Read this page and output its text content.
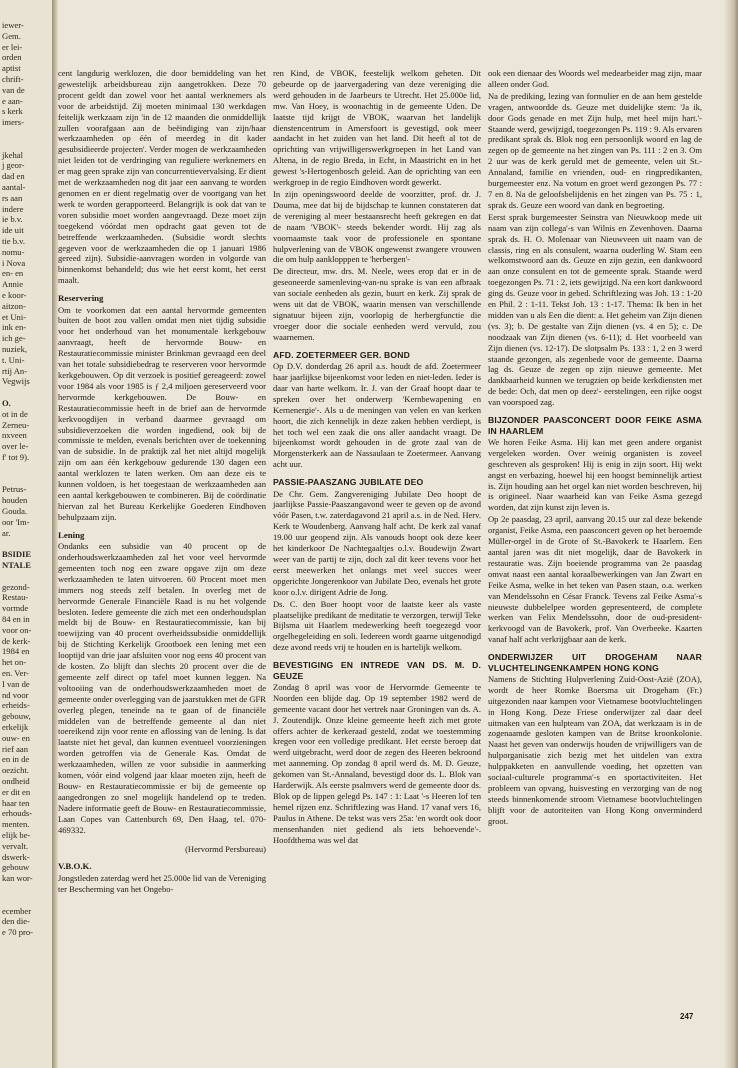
iewer-
Gem.
er lei-
orden
aptist
chrift-
van de
e aan-
s kerk
imers-
jkehal
j geor-
dad en
aantal-
rs aan
indere
ie b.v.
ide uit
tie b.v.
nomu-
i Nova
en- en
Annie
e koor-
aitzon-
et Uni-
ink en-
ich ge-
nuziek,
t. Uni-
rtij An-
Vegwijs
O.
ot in de
Zerneu-
nxveen
over le-
f' tot 9).
Petrus-
houden
Gouda.
oor 'Im-
ar.
BSIDIE
NTALE
gezond-
Restau-
vormde
84 en in
voor on-
de kerk-
1984 en
het on-
en. Ver-
I van de
nd voor
erheids-
gebouw,
erkelijk
ouw- en
rief aan
en in de
oezicht.
ondheid
er dit en
haar ten
erhouds-
menten.
elijk be-
vervalt.
dswerk-
gebouw
kan wor-
ecember
den die-
e 70 pro-

cent langdurig werklozen, die door bemiddeling van het gewestelijk arbeidsbureau zijn aangetrokken. Deze 70 procent geldt dan zowel voor het aantal werknemers als voor de arbeidstijd. Zij moeten minimaal 130 werkdagen feitelijk werkzaam zijn 'in de 12 maanden die onmiddellijk zullen voorafgaan aan de beëindiging van zijn/haar werkzaamheden op één of meerdeg in dit kader gesubsidieerde projecten'. Verder mogen de werkzaamheden niet leiden tot de verdringing van reguliere werknemers en er mag geen sprake zijn van concurrentievervalsing. Er dient met de werkzaamheden nog dit jaar een aanvang te worden genomen en er dient regelmatig over de voortgang van het werk te worden gerapporteerd. Belangrijk is ook dat van te voren subsidie moet worden aangevraagd. Deze moet zijn toegekend vóórdat men opdracht gaat geven tot de betreffende werkzaamheden. (Subsidie wordt slechts gegeven voor de werkzaamheden die op 1 januari 1986 gereed zijn). Subsidie-aanvragen worden in volgorde van binnenkomst behandeld; dus wie het eerst komt, het eerst maalt.

Reservering

Om te voorkomen dat een aantal hervormde gemeenten buiten de boot zou vallen omdat men niet tijdig subsidie voor het onderhoud van het monumentale kerkgebouw aanvraagt, heeft de hervormde Bouw- en Restauratiecommissie minister Brinkman gevraagd een deel van het totale subsidiebedrag te reserveren voor hervormde kerkgebouwen. Op dit verzoek is positief gereageerd: zowel voor 1984 als voor 1985 is ƒ 2,4 miljoen gereserveerd voor hervormde kerkgebouwen. De Bouw- en Restauratiecommissie heeft in de brief aan de hervormde kerkvoogdijen in verband daarmee gevraagd om subsidieverzoeken die worden ingediend, ook bij de commissie te melden, evenals berichten over de toekenning van de subsidie. In de praktijk zal het niet altijd mogelijk zijn om aan één kerkgebouw gedurende 130 dagen een aantal werklozen te laten werken. Om aan deze eis te kunnen voldoen, is het toegestaan de werkzaamheden aan een aantal kerkgebouwen te combineren. Bij de coördinatie hiervan zal het Bureau Kerkelijke Goederen Eindhoven behulpzaam zijn.

Lening

Ondanks een subsidie van 40 procent op de onderhoudswerkzaamheden zal het voor veel hervormde gemeenten toch nog een zware opgave zijn om deze werkzaamheden te laten uitvoeren. 60 Procent moet men immers nog steeds zelf betalen. In overleg met de hervormde Generale Financiële Raad is nu het volgende besloten. Iedere gemeente die zich met een onderhoudsplan meldt bij de Bouw- en Restauratiecommissie, kan bij toewijzing van 40 procent overheidssubsidie onmiddellijk bij de Stichting Kerkelijk Grootboek een lening met een looptijd van drie jaar afsluiten voor nog eens 40 procent van de kosten. Zo blijft dan slechts 20 procent over die de gemeente zelf direct op tafel moet kunnen leggen. Na voltooiing van de onderhoudswerkzaamheden moet de gemeente onder overlegging van de jaarstukken met de GFR overleg plegen, teneinde na te gaan of de financiële middelen van de betreffende gemeente al dan niet toereikend zijn voor rente en aflossing van de lening. Is dat laatste niet het geval, dan kunnen eventueel voorzieningen worden getroffen via de Generale Kas. Omdat de werkzaamheden, willen ze voor subsidie in aanmerking komen, vóór eind volgend jaar klaar moeten zijn, heeft de Bouw- en Restauratiecommissie er bij de gemeente op aangedrongen zo snel mogelijk handelend op te treden. Nadere informatie geeft de Bouw- en Restauratiecommissie, Laan Copes van Cattenburch 69, Den Haag, tel. 070-469332.

(Hervormd Persbureau)

V.B.O.K.

Jongstleden zaterdag werd het 25.000e lid van de Vereniging ter Bescherming van het Ongebo-

ren Kind, de VBOK, feestelijk welkom geheten. Dit gebeurde op de jaarvergadering van deze vereniging die werd gehouden in de Jaarbeurs te Utrecht. Het 25.000e lid, mw. Van Hoey, is woonachtig in de gemeente Uden. De laatste tijd krijgt de VBOK, waarvan het landelijk dienstencentrum in Amersfoort is gevestigd, ook meer aandacht in het zuiden van het land. Dit heeft al tot de oprichting van vrijwilligerswerkgroepen in het Land van Altena, in de regio Breda, in Echt, in Maastricht en in het gewest 's-Hertogenbosch geleid. Aan de oprichting van een werkgroep in de regio Eindhoven wordt gewerkt.

In zijn openingswoord deelde de voorzitter, prof. dr. J. Douma, mee dat bij de bijdschap te kunnen constateren dat de vereniging al meer bestaansrecht heeft gekregen en dat de naam 'VBOK'- steeds bekender wordt. Hij zag als voornaamste taak voor de professionele en spontane hulpverlening van de VBOK ongewenst zwangere vrouwen die om hulp aanklopppen te 'herbergen'-

De directeur, mw. drs. M. Neele, wees erop dat er in de geseoneerde samenleving-van-nu sprake is van een afbraak van sociale eenheden als gezin, buurt en kerk. Zij sprak de wens uit dat de VBOK, waarin mensen van verschillende signatuur bijeen zijn, voorlopig de herbergfunctie die vroeger door die sociale eenheden werd vervuld, zou waarnemen.

AFD. ZOETERMEER GER. BOND

Op D.V. donderdag 26 april a.s. houdt de afd. Zoetermeer haar jaarlijkse bijeenkomst voor leden en niet-leden. Ieder is daar van harte welkom. Ir. J. van der Graaf hoopt daar te spreken over het onderwerp 'Kernbewapening en Kernenergie'-. Als u de meningen van velen en van kerken hoort, die zich kennelijk in deze zaken hebben verdiept, is het toch wel een zaak die ons aller aandacht vraagt. De bijeenkomst wordt gehouden in de grote zaal van de Morgensterkerk aan de Nassaulaan te Zoetermeer. Aanvang acht uur.

PASSIE-PAASZANG JUBILATE DEO

De Chr. Gem. Zangvereniging Jubilate Deo hoopt de jaarlijkse Passie-Paaszangavond weer te geven op de avond vóór Pasen, t.w. zaterdagavond 21 april a.s. in de Ned. Herv. Kerk te Woudenberg. Aanvang half acht. De kerk zal vanaf 19.00 uur geopend zijn. Als vanouds hoopt ook deze keer het kinderkoor De Nachtegaaltjes o.l.v. Boudewijn Zwart weer van de partij te zijn, doch zal dit keer tevens voor het eerst meewerken het onlangs met veel succes weer opgerichte Jongerenkoor van Jubilate Deo, evenals het grote koor o.l.v. dirigent Adrie de Jong.

Ds. C. den Boer hoopt voor de laatste keer als vaste plaatselijke predikant de meditatie te verzorgen, terwijl Teke Bijlsma uit Haarlem medewerking heeft toegezegd voor orgelbegeleiding en soli. Iedereen wordt gaarne uitgenodigd deze avond reeds vrij te houden en is hartelijk welkom.

BEVESTIGING EN INTREDE VAN DS. M. D. GEUZE

Zondag 8 april was voor de Hervormde Gemeente te Noorden een blijde dag. Op 19 september 1982 werd de gemeente vacant door het vertrek naar Groningen van ds. A. J. Zoutendijk. Onze kleine gemeente heeft zich met grote offers achter de kerkeraad gesteld, zodat we toestemming kregen voor een volledige predikant. Het eerste beroep dat werd uitgebracht, werd door de zegen des Heeren bekroond met aanneming. Op zondag 8 april werd ds. M. D. Geuze, gekomen van St.-Annaland, bevestigd door ds. L. Blok van Harderwijk. Als eerste psalmvers werd de gemeente door ds. Blok op de lippen gelegd Ps. 147 : 1: Laat '-s Heeren lof ten hemel rijzen enz. Schriftlezing was Hand. 17 vanaf vers 16, Paulus in Athene. De tekst was vers 25a: 'en wordt ook door mensenhanden niet gediend als iets behoevende'-. Hoofdthema was wel dat

ook een dienaar des Woords wel medearbeider mag zijn, maar alleen onder God.

Na de prediking, lezing van formulier en de aan hem gestelde vragen, antwoordde ds. Geuze met duidelijke stem: 'Ja ik, door Gods genade en met Zijn hulp, met heel mijn hart.'- Staande werd, gewijzigd, toegezongen Ps. 119 : 9. Als ervaren predikant sprak ds. Blok nog een persoonlijk woord en lag de zegen op de gemeente na het zingen van Ps. 111 : 2 en 3. Om 2 uur was de kerk geruld met de gemeente, velen uit St.-Annaland, familie en vrienden, oud- en ringpredikanten, burgemeester enz. Na votum en groet werd gezongen Ps. 77 : 7 en 8. Na de geloofsbelijdenis en het zingen van Ps. 75 : 1, sprak ds. Geuze een woord van dank en begroeting.

Eerst sprak burgemeester Seinstra van Nieuwkoop mede uit naam van zijn collega'-s van Wilnis en Zevenhoven. Daarna sprak ds. H. O. Molenaar van Nieuwveen uit naam van de classis, ring en als consulent, waarna ouderling W. Stam een welkomstwoord aan ds. Geuze en zijn gezin, een dankwoord aan onze consulent en tot de gemeente sprak. Staande werd toegezongen Ps. 71 : 2, iets gewijzigd. Na een kort dankwoord ging ds. Geuze voor in gebed. Schriftlezing was Joh. 13 : 1-20 en Phil. 2 : 1-11. Tekst Joh. 13 : 1-17. Thema: Ik ben in het midden van u als Een die dient: a. Het geheim van Zijn dienen (vs. 3); b. De gestalte van Zijn dienen (vs. 4 en 5); c. De noodzaak van Zijn dienen (vs. 6-11); d. Het voorbeeld van Zijn dienen (vs. 12-17). De slotpsalm Ps. 133 : 1, 2 en 3 werd staande gezongen, als zegenbede voor de gemeente. Daarna lag ds. Geuze de zegen op zijn nieuwe gemeente. Met dankbaarheid kunnen we terugzien op beide kerkdiensten met de bede: Och, dat men op deez'- eerstelingen, een rijke oogst van voorspoed zag.

BIJZONDER PAASCONCERT DOOR FEIKE ASMA IN HAARLEM

We horen Feike Asma. Hij kan met geen andere organist vergeleken worden. Over weinig organisten is zoveel geschreven als gesproken! Hij is enig in zijn soort. Hij wekt angst en verbazing, hoewel hij een hoogst beminnelijk artiest is. Zijn houding aan het orgel kan niet worden beschreven, hij is origineel. Naar waarheid kan van Feike Asma gezegd worden, dat zijn kunst zijn leven is.

Op 2e paasdag, 23 april, aanvang 20.15 uur zal deze bekende organist, Feike Asma, een paasconcert geven op het beroemde Müller-orgel in de Grote of St.-Bavokerk te Haarlem. Een aantal jaren was dit niet mogelijk, daar de Bavokerk in restauratie was. Zijn boeiende programma van 2e paasdag omvat naast een aantal koraalbewerkingen van Jan Zwart en Feike Asma, welke in het teken van Pasen staan, o.a. werken van Mendelssohn en César Franck. Tevens zal Feike Asma'-s nieuwste dubbelelpee worden gepresenteerd, de complete werken van Felix Mendelssohn, door de oud-president-kerkvoogd van de Bavokerk, prof. Van Overbeeke. Kaarten vanaf half acht verkrijgbaar aan de kerk.

ONDERWIJZER UIT DROGEHAM NAAR VLUCHTELINGENKAMPEN HONG KONG

Namens de Stichting Hulpverlening Zuid-Oost-Azië (ZOA), wordt de heer Romke Boersma uit Drogeham (Fr.) uitgezonden naar kampen voor Vietnamese bootvluchtelingen in Hong Kong. Deze Friese onderwijzer zal daar deel uitmaken van een hulpteam van ZOA, dat werkzaam is in de zogenaamde gesloten kampen van de Britse kroonkolonie. Naast het geven van onderwijs houden de vrijwilligers van de hulporganisatie zich bezig met het uitdelen van extra hulppakketen en aanvullende voeding, het opzetten van sociaal-culturele programma'-s en sportactiviteiten. Het probleem van opvang, huisvesting en verzorging van de nog steeds binnenkomende stroom Vietnamese bootvluchtelingen blijft voor de autoriteiten van Hong Kong onverminderd groot.

247
